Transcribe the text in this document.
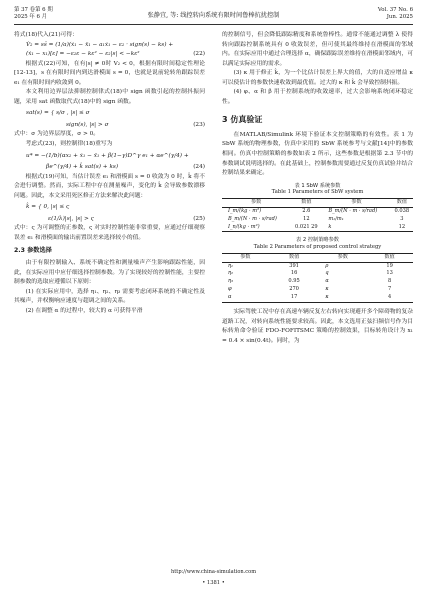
第 37 卷第 6 期
2025 年 6 月	张静宜, 等: 线控转向系统有限时间鲁棒抗扰控制
Vol. 37 No. 6
Jun. 2025

将式(18)代入(21)可得：

V̇₂ = ss̈ = (1/a)(ẋ₁ − ẍ₁ − a₁ẋ₁ − ε₂ · sign(s) − ks) +
(ẋ₁ − x₁)[ε] = −ε₂ε − kε² − ε₂|s| < −kε²	(22)

根据式(22)可知，在有|s| ≠ 0时 V₂ < 0，根据有限时间稳定性理论[12-13]，s 在有限时间内到达滑模面 s = 0，也就是说前轮转角跟踪误差 e₁ 在有限时间内收敛到 0。

本文利用边界层法抑制控制律式(18)中 sign 函数引起的控制抖振问题，采用 sat 函数取代式(18)中的 sign 函数。

sat(s) = { s/σ , |s| ≤ σ
sign(s), |s| > σ	(23)

式中：σ 为边界层厚度，σ > 0。

考虑式(23)，则控制律(18)重写为

u* = −(1/b)(αx₂ + ẋ₁ − ẍ₁ + β(1−γ)D^γ e₁ + αe^(γ/4) +
βe^(γ/4) + k̂ sat(s) + ks)	(24)

根据式(19)可知，当估计误差 e₁ 和滑模面 s = 0 收敛为 0 时，k̂ 将不会进行调整。然而，实际工程中存在测量噪声，变化的 k̂ 会导致参数漂移问题。因此，本文采用死区修正方法来解决此问题：

k̂ = { 0, |s| ≤ ς
ε(1/λ)|s|, |s| > ς	(25)

式中：ς 为可调整的正参数，ς 对实时控制性能非常重要，应通过仔细观察误差 e₁ 和滑模面的输出前置误差来选择较小的值。

2.3 参数选择

由于有限控制输入、系统不确定性和测量噪声产生影响跟踪性能，因此，在实际应用中应仔细选择控制参数。为了实现较好的控制性能，主要控制参数的选取应遵循以下原则：

(1) 在实际应用中，选择 η₁、η₂、η₃ 需要考虑闭环系统的不确定性及其噪声，并权衡响应速度与超调之间的关系。

(2) 在调整 α 的过程中，较大的 α 可获得平滑

的控制信号，但会降低跟踪精度和系统鲁棒性。通常不能通过调整 λ 使得转向跟踪控制系统具有 0 收敛误差，但可使其最终维持在滑模面的邻域内。在实际应用中通过合理选择 α，确保跟踪误差维持在滑模面邻域内，可以满足实际应用的需求。

(3) κ 用于修正 k̂，为一个比估计误差上界大的值，大的自适应增益 κ 可以使估计的参数快速收敛到最优值。过大的 κ 和 k̂ 会导致控制抖振。

(4) φ、α 和 β 用于控制系统的收敛速率，过大会影响系统闭环稳定性。

3 仿真验证

在MATLAB/Simulink 环境下验证本文控制策略的有效性。表 1 为 SbW 系统的物理参数，仿真中采用的 SbW 系统参考与文献[14]中的参数相同。仿真中控制策略的参数如表 2 所示，这些参数是根据第 2.3 节中的参数调试说明选择的。在此基础上，控制参数需要通过反复仿真试验并结合控制结果来确定。

表 1 SbW 系统参数
Table 1 Parameters of SbW system
参数	数值	参数	数值
I_m/(kg · m²)	2.6	B_m/(N · m · s/rad)	0.038
B_m/(N · m · s/rad)	12	m₁/m₁	3
I_n/(kg · m²)	0.021 29	k	12
表 2 控制策略参数
Table 2 Parameters of proposed control strategy
参数	数值	参数	数值
η₁	391	ρ	19
η₂	16	q	13
η₃	0.95	α	8
φ	270	κ	7
α	17	κ	4

实际驾驶工况中存在高速车辆反复左右转向实现避开多个障碍物的复杂道路工况，对转向系统性能要求较高。因此，本文选用正弦扫频信号作为目标转角命令验证 FDO-FOFITSMC 策略的控制效果，目标转角设计为 x₁ = 0.4 × sin(0.4t)。同时，为

http://www.china-simulation.com
• 1381 •
